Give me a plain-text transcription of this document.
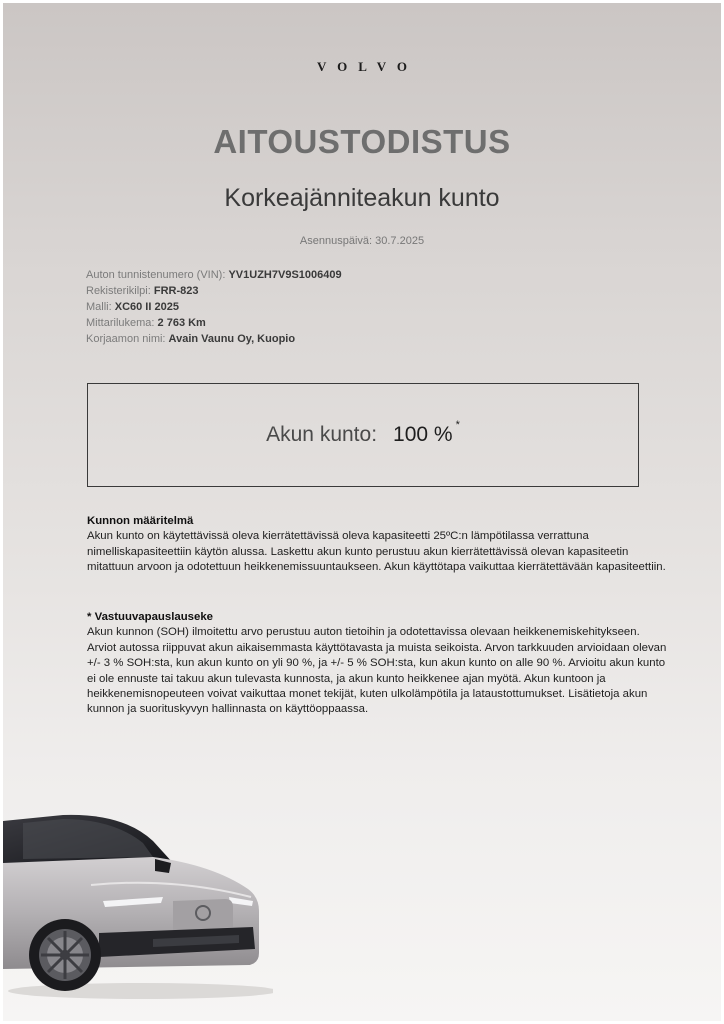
VOLVO
AITOUSTODISTUS
Korkeajänniteakun kunto
Asennuspäivä: 30.7.2025
Auton tunnistenumero (VIN): YV1UZH7V9S1006409
Rekisterikilpi: FRR-823
Malli: XC60 II 2025
Mittarilukema: 2 763 Km
Korjaamon nimi: Avain Vaunu Oy, Kuopio
Akun kunto: 100 % *
Kunnon määritelmä
Akun kunto on käytettävissä oleva kierrätettävissä oleva kapasiteetti 25ºC:n lämpötilassa verrattuna nimelliskapasiteettiin käytön alussa. Laskettu akun kunto perustuu akun kierrätettävissä olevan kapasiteetin mitattuun arvoon ja odotettuun heikkenemissuuntaukseen. Akun käyttötapa vaikuttaa kierrätettävään kapasiteettiin.
* Vastuuvapauslauseke
Akun kunnon (SOH) ilmoitettu arvo perustuu auton tietoihin ja odotettavissa olevaan heikkenemiskehitykseen. Arviot autossa riippuvat akun aikaisemmasta käyttötavasta ja muista seikoista. Arvon tarkkuuden arvioidaan olevan +/- 3 % SOH:sta, kun akun kunto on yli 90 %, ja +/- 5 % SOH:sta, kun akun kunto on alle 90 %. Arvioitu akun kunto ei ole ennuste tai takuu akun tulevasta kunnosta, ja akun kunto heikkenee ajan myötä. Akun kuntoon ja heikkenemisnopeuteen voivat vaikuttaa monet tekijät, kuten ulkolämpötila ja lataustottumukset. Lisätietoja akun kunnon ja suorituskyvyn hallinnasta on käyttöoppaassa.
